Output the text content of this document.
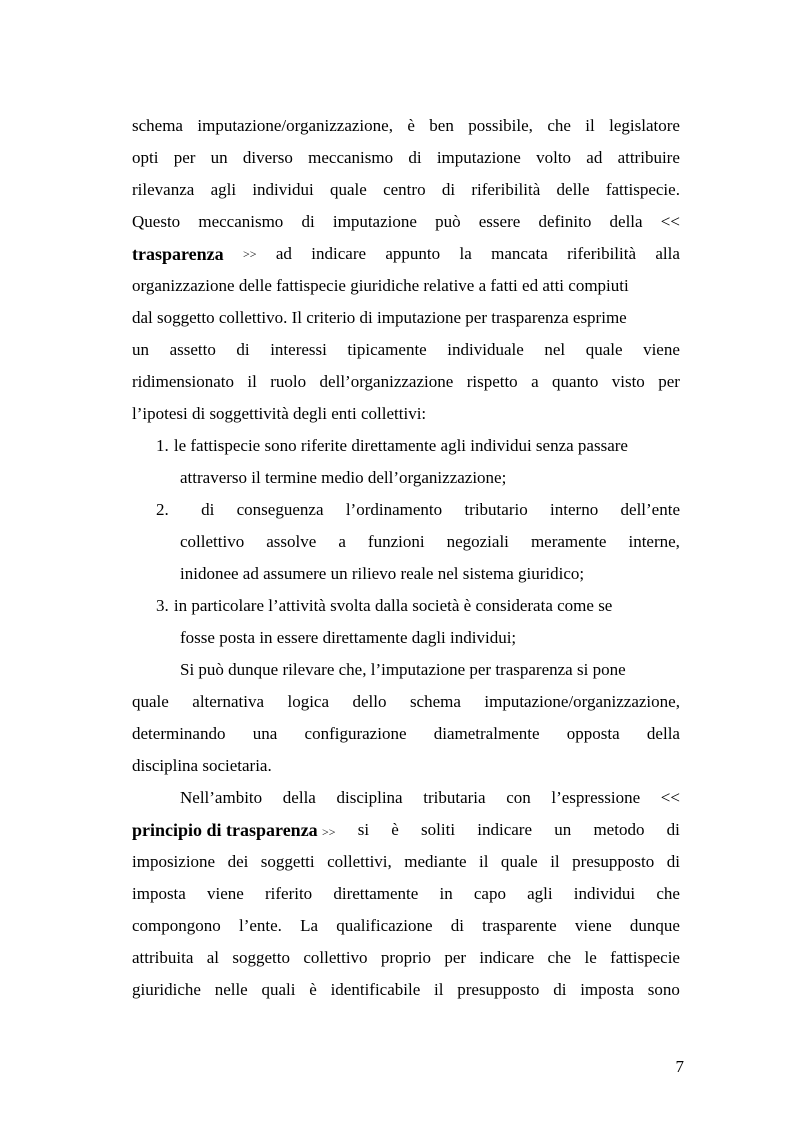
schema imputazione/organizzazione, è ben possibile, che il legislatore
opti per un diverso meccanismo di imputazione volto ad attribuire
rilevanza agli individui quale centro di riferibilità delle fattispecie.
Questo meccanismo di imputazione può essere definito della <<
trasparenza >> ad indicare appunto la mancata riferibilità alla
organizzazione delle fattispecie giuridiche relative a fatti ed atti compiuti
dal soggetto collettivo. Il criterio di imputazione per trasparenza esprime
un assetto di interessi tipicamente individuale nel quale viene
ridimensionato il ruolo dell’organizzazione rispetto a quanto visto per
l’ipotesi di soggettività degli enti collettivi:
1. le fattispecie sono riferite direttamente agli individui senza passare
attraverso il termine medio dell’organizzazione;
2. di conseguenza l’ordinamento tributario interno dell’ente
collettivo assolve a funzioni negoziali meramente interne,
inidonee ad assumere un rilievo reale nel sistema giuridico;
3. in particolare l’attività svolta dalla società è considerata come se
fosse posta in essere direttamente dagli individui;
Si può dunque rilevare che, l’imputazione per trasparenza si pone
quale alternativa logica dello schema imputazione/organizzazione,
determinando una configurazione diametralmente opposta della
disciplina societaria.
Nell’ambito della disciplina tributaria con l’espressione <<
principio di trasparenza >> si è soliti indicare un metodo di
imposizione dei soggetti collettivi, mediante il quale il presupposto di
imposta viene riferito direttamente in capo agli individui che
compongono l’ente. La qualificazione di trasparente viene dunque
attribuita al soggetto collettivo proprio per indicare che le fattispecie
giuridiche nelle quali è identificabile il presupposto di imposta sono
7
